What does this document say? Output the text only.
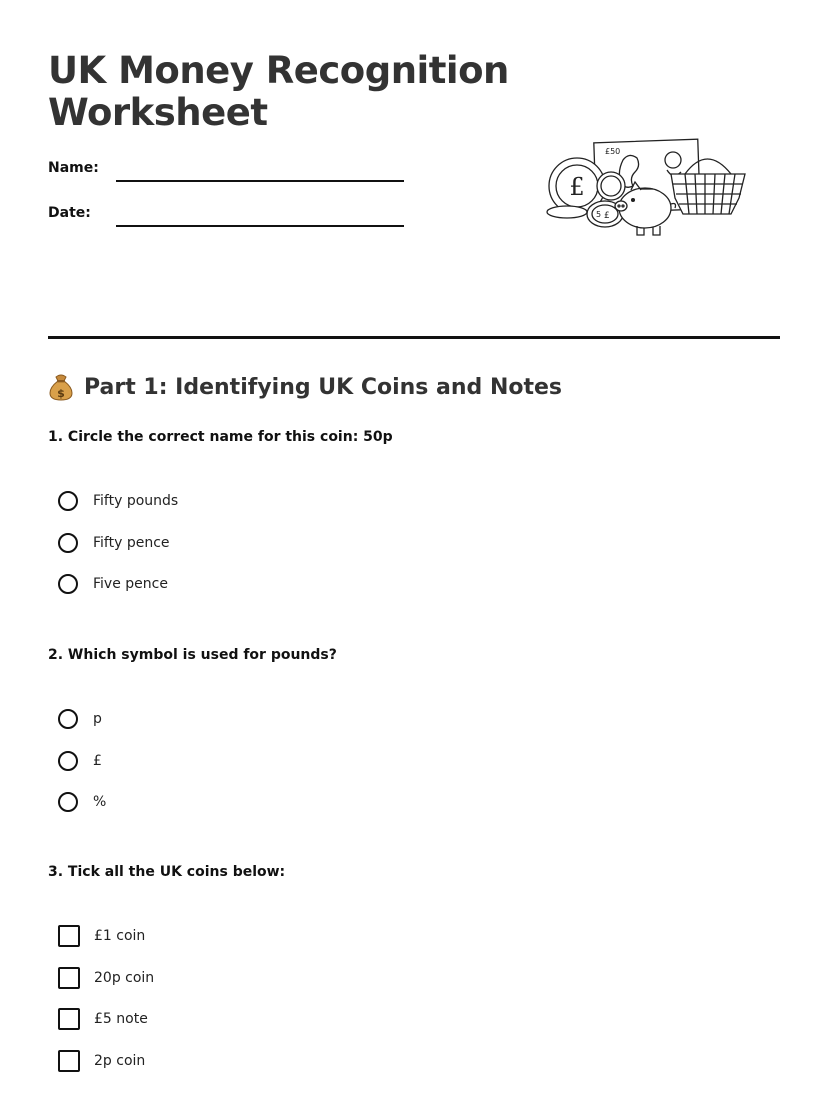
UK Money Recognition Worksheet
Name:
Date:
£50
£
5 £
$ Part 1: Identifying UK Coins and Notes

1. Circle the correct name for this coin: 50p

Fifty pounds
Fifty pence
Five pence

2. Which symbol is used for pounds?

p
£
%

3. Tick all the UK coins below:

£1 coin
20p coin
£5 note
2p coin
